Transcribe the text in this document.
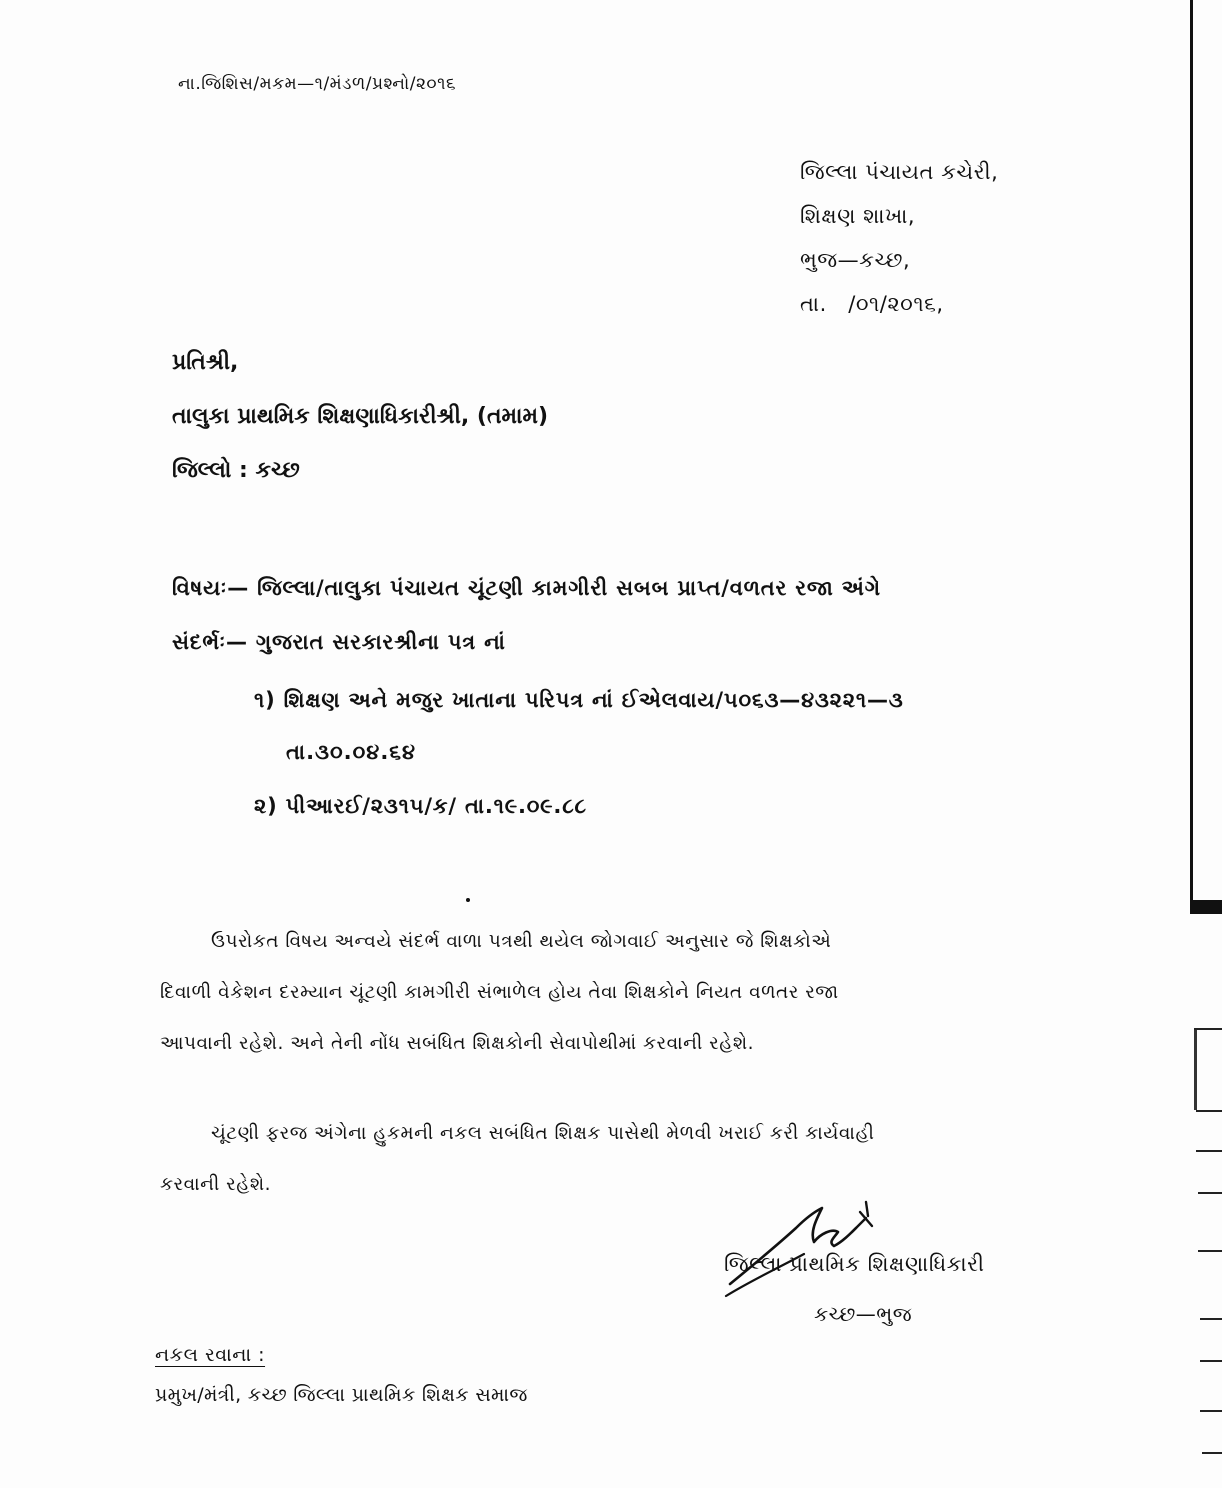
ના.જિશિસ/મકમ—૧/મંડળ/પ્રશ્નો/૨૦૧૬
જિલ્લા પંચાયત કચેરી,
શિક્ષણ શાખા,
ભુજ—કચ્છ,
તા.   /૦૧/૨૦૧૬,
પ્રતિશ્રી,
તાલુકા પ્રાથમિક શિક્ષણાધિકારીશ્રી, (તમામ)
જિલ્લો : કચ્છ
વિષયઃ— જિલ્લા/તાલુકા પંચાયત ચૂંટણી કામગીરી સબબ પ્રાપ્ત/વળતર રજા અંગે
સંદર્ભઃ— ગુજરાત સરકારશ્રીના પત્ર નાં
૧) શિક્ષણ અને મજુર ખાતાના પરિપત્ર નાં ઈએલવાય/૫૦૬૩—૪૩૨૨૧—૩
તા.૩૦.૦૪.૬૪
૨) પીઆરઈ/૨૩૧૫/ક/ તા.૧૯.૦૯.૮૮
ઉપરોકત વિષય અન્વયે સંદર્ભ વાળા પત્રથી થયેલ જોગવાઈ અનુસાર જે શિક્ષકોએ
દિવાળી વેકેશન દરમ્યાન ચૂંટણી કામગીરી સંભાળેલ હોય તેવા શિક્ષકોને નિયત વળતર રજા
આપવાની રહેશે. અને તેની નોંધ સબંધિત શિક્ષકોની સેવાપોથીમાં કરવાની રહેશે.
ચૂંટણી ફરજ અંગેના હુકમની નકલ સબંધિત શિક્ષક પાસેથી મેળવી ખરાઈ કરી કાર્યવાહી
કરવાની રહેશે.
જિલ્લા પ્રાથમિક શિક્ષણાધિકારી
કચ્છ—ભુજ
નકલ રવાના :
પ્રમુખ/મંત્રી, કચ્છ જિલ્લા પ્રાથમિક શિક્ષક સમાજ
